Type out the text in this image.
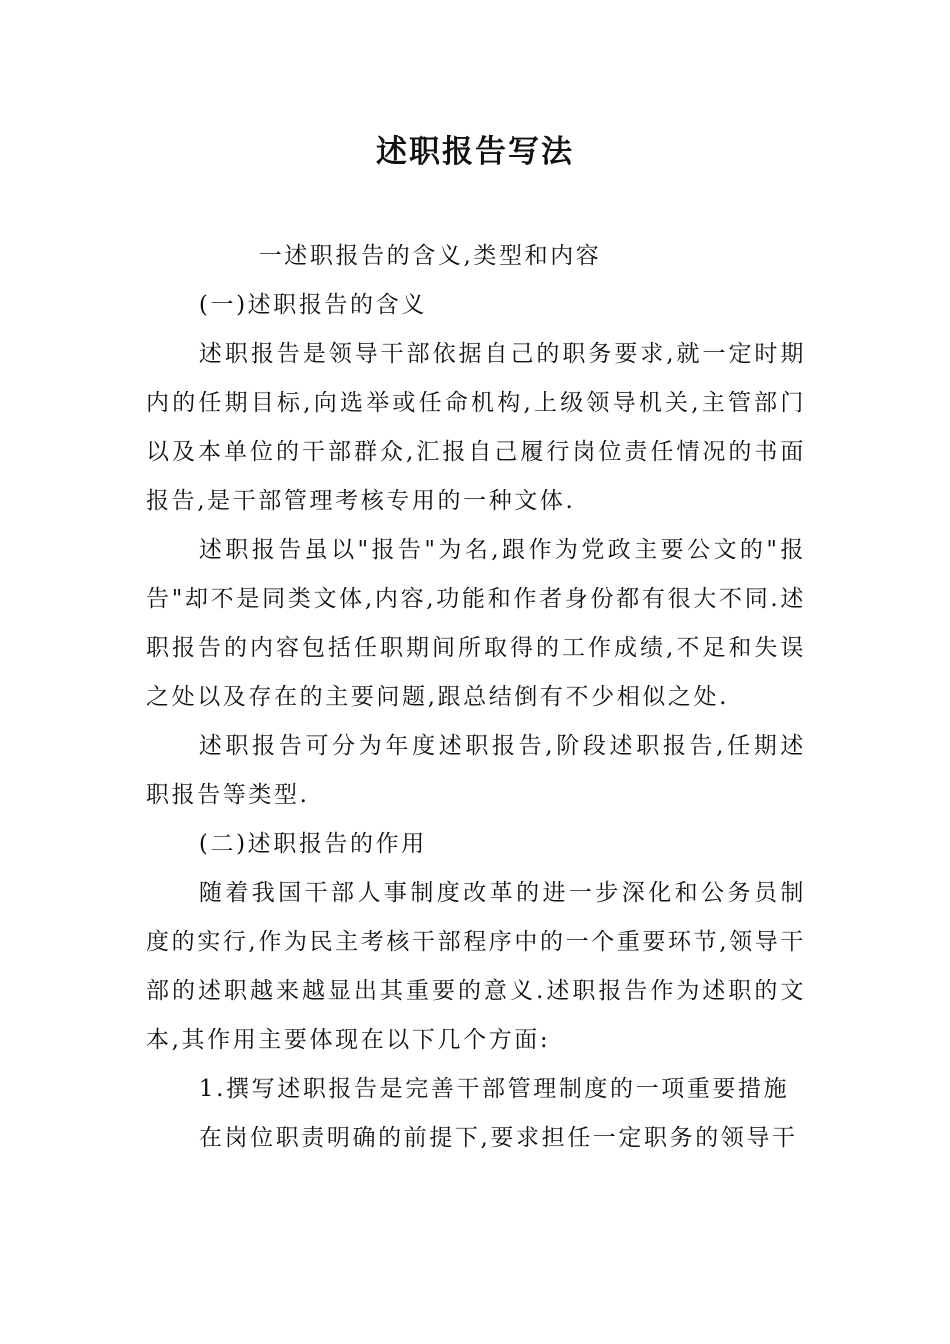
述职报告写法

一述职报告的含义,类型和内容

(一)述职报告的含义

述职报告是领导干部依据自己的职务要求,就一定时期内的任期目标,向选举或任命机构,上级领导机关,主管部门以及本单位的干部群众,汇报自己履行岗位责任情况的书面报告,是干部管理考核专用的一种文体.

述职报告虽以"报告"为名,跟作为党政主要公文的"报告"却不是同类文体,内容,功能和作者身份都有很大不同.述职报告的内容包括任职期间所取得的工作成绩,不足和失误之处以及存在的主要问题,跟总结倒有不少相似之处.

述职报告可分为年度述职报告,阶段述职报告,任期述职报告等类型.

(二)述职报告的作用

随着我国干部人事制度改革的进一步深化和公务员制度的实行,作为民主考核干部程序中的一个重要环节,领导干部的述职越来越显出其重要的意义.述职报告作为述职的文本,其作用主要体现在以下几个方面:

1.撰写述职报告是完善干部管理制度的一项重要措施

在岗位职责明确的前提下,要求担任一定职务的领导干
